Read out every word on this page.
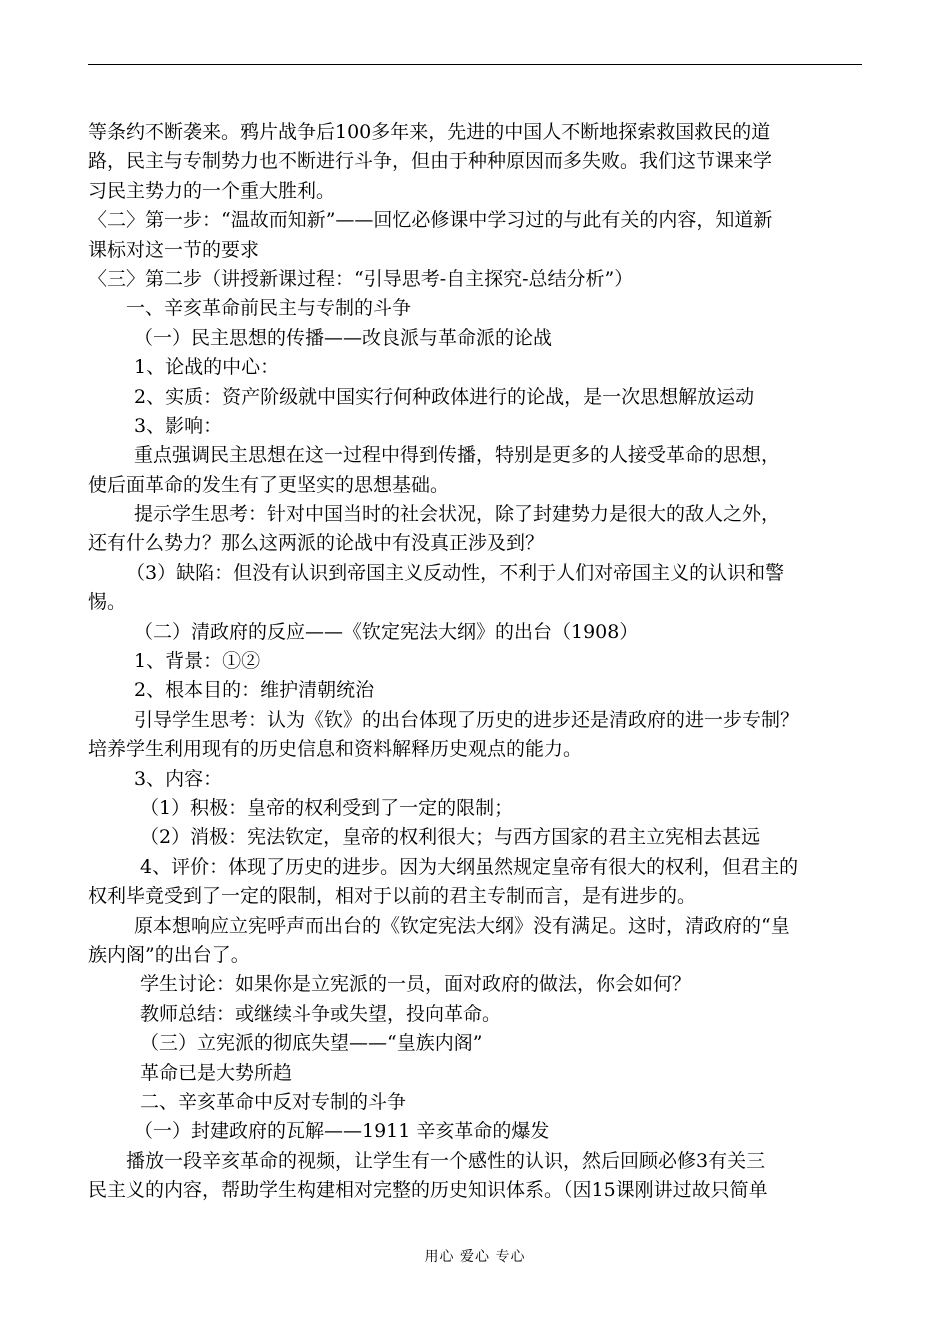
等条约不断袭来。鸦片战争后100多年来，先进的中国人不断地探索救国救民的道
路，民主与专制势力也不断进行斗争，但由于种种原因而多失败。我们这节课来学
习民主势力的一个重大胜利。
〈二〉第一步：“温故而知新”——回忆必修课中学习过的与此有关的内容，知道新
课标对这一节的要求
〈三〉第二步（讲授新课过程：“引导思考-自主探究-总结分析”）
一、辛亥革命前民主与专制的斗争
（一）民主思想的传播——改良派与革命派的论战
1、论战的中心：
2、实质：资产阶级就中国实行何种政体进行的论战，是一次思想解放运动
3、影响：
重点强调民主思想在这一过程中得到传播，特别是更多的人接受革命的思想，
使后面革命的发生有了更坚实的思想基础。
提示学生思考：针对中国当时的社会状况，除了封建势力是很大的敌人之外，
还有什么势力？那么这两派的论战中有没真正涉及到？
（3）缺陷：但没有认识到帝国主义反动性，不利于人们对帝国主义的认识和警
惕。
（二）清政府的反应——《钦定宪法大纲》的出台（1908）
1、背景：①②
2、根本目的：维护清朝统治
引导学生思考：认为《钦》的出台体现了历史的进步还是清政府的进一步专制？
培养学生利用现有的历史信息和资料解释历史观点的能力。
3、内容：
（1）积极：皇帝的权利受到了一定的限制；
（2）消极：宪法钦定，皇帝的权利很大；与西方国家的君主立宪相去甚远
4、评价：体现了历史的进步。因为大纲虽然规定皇帝有很大的权利，但君主的
权利毕竟受到了一定的限制，相对于以前的君主专制而言，是有进步的。
原本想响应立宪呼声而出台的《钦定宪法大纲》没有满足。这时，清政府的“皇
族内阁”的出台了。
学生讨论：如果你是立宪派的一员，面对政府的做法，你会如何？
教师总结：或继续斗争或失望，投向革命。
（三）立宪派的彻底失望——“皇族内阁”
革命已是大势所趋
二、辛亥革命中反对专制的斗争
（一）封建政府的瓦解——1911 辛亥革命的爆发
播放一段辛亥革命的视频，让学生有一个感性的认识，然后回顾必修3有关三
民主义的内容，帮助学生构建相对完整的历史知识体系。（因15课刚讲过故只简单
用心 爱心 专心
